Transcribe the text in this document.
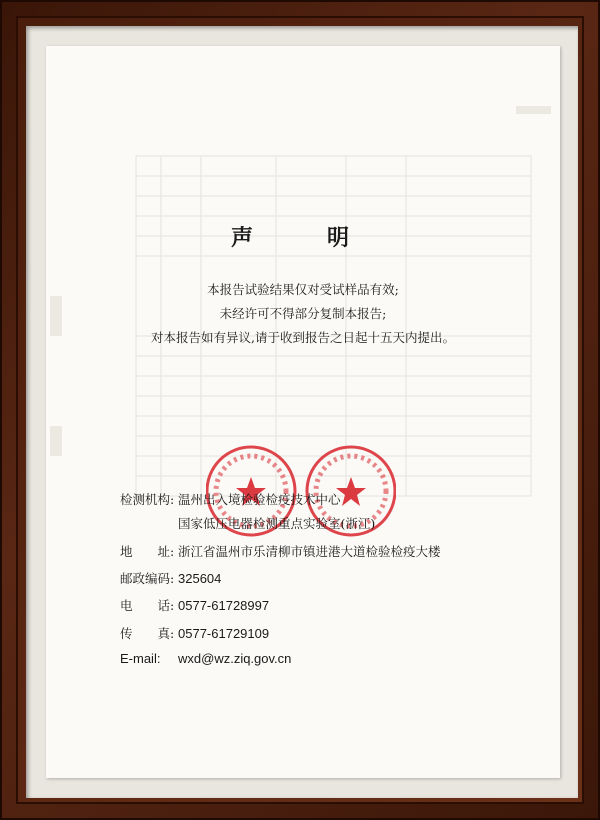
声　明
本报告试验结果仅对受试样品有效;
未经许可不得部分复制本报告;
对本报告如有异议,请于收到报告之日起十五天内提出。
检测机构: 温州出入境检验检疫技术中心
国家低压电器检测重点实验室(浙江)
地　　址: 浙江省温州市乐清柳市镇进港大道检验检疫大楼
邮政编码: 325604
电　　话: 0577-61728997
传　　真: 0577-61729109
E-mail: wxd@wz.ziq.gov.cn
